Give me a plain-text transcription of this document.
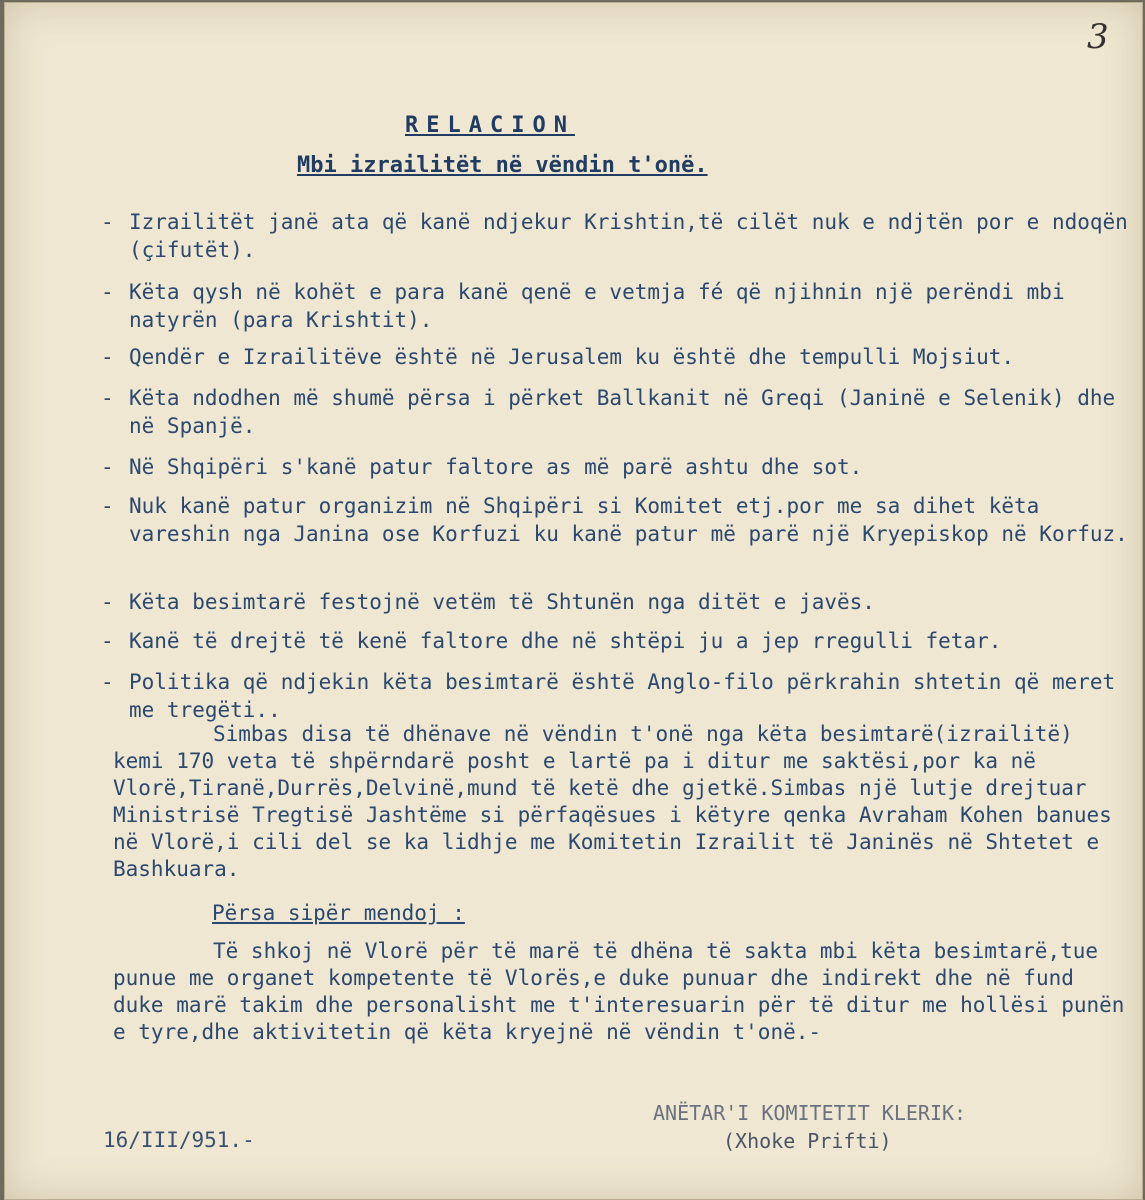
3
RELACION
Mbi izrailitët në vëndin t'onë.
- Izrailitët janë ata që kanë ndjekur Krishtin,të cilët nuk e ndjtën por e ndoqën (çifutët).
- Këta qysh në kohët e para kanë qenë e vetmja fé që njihnin një perëndi mbi natyrën (para Krishtit).
- Qendër e Izrailitëve është në Jerusalem ku është dhe tempulli Mojsiut.
- Këta ndodhen më shumë përsa i përket Ballkanit në Greqi (Janinë e Selenik) dhe në Spanjë.
- Në Shqipëri s'kanë patur faltore as më parë ashtu dhe sot.
- Nuk kanë patur organizim në Shqipëri si Komitet etj.por me sa dihet këta vareshin nga Janina ose Korfuzi ku kanë patur më parë një Kryepiskop në Korfuz.
- Këta besimtarë festojnë vetëm të Shtunën nga ditët e javës.
- Kanë të drejtë të kenë faltore dhe në shtëpi ju a jep rregulli fetar.
- Politika që ndjekin këta besimtarë është Anglo-filo përkrahin shtetin që meret me tregëti..
Simbas disa të dhënave në vëndin t'onë nga këta besimtarë(izrailitë) kemi 170 veta të shpërndarë posht e lartë pa i ditur me saktësi,por ka në Vlorë,Tiranë,Durrës,Delvinë,mund të ketë dhe gjetkë.Simbas një lutje drejtuar Ministrisë Tregtisë Jashtëme si përfaqësues i këtyre qenka Avraham Kohen banues në Vlorë,i cili del se ka lidhje me Komitetin Izrailit të Janinës në Shtetet e Bashkuara.
Përsa sipër mendoj :
Të shkoj në Vlorë për të marë të dhëna të sakta mbi këta besimtarë,tue punue me organet kompetente të Vlorës,e duke punuar dhe indirekt dhe në fund duke marë takim dhe personalisht me t'interesuarin për të ditur me hollësi punën e tyre,dhe aktivitetin që këta kryejnë në vëndin t'onë.-
16/III/951.-
ANËTAR'I KOMITETIT KLERIK:
(Xhoke Prifti)
